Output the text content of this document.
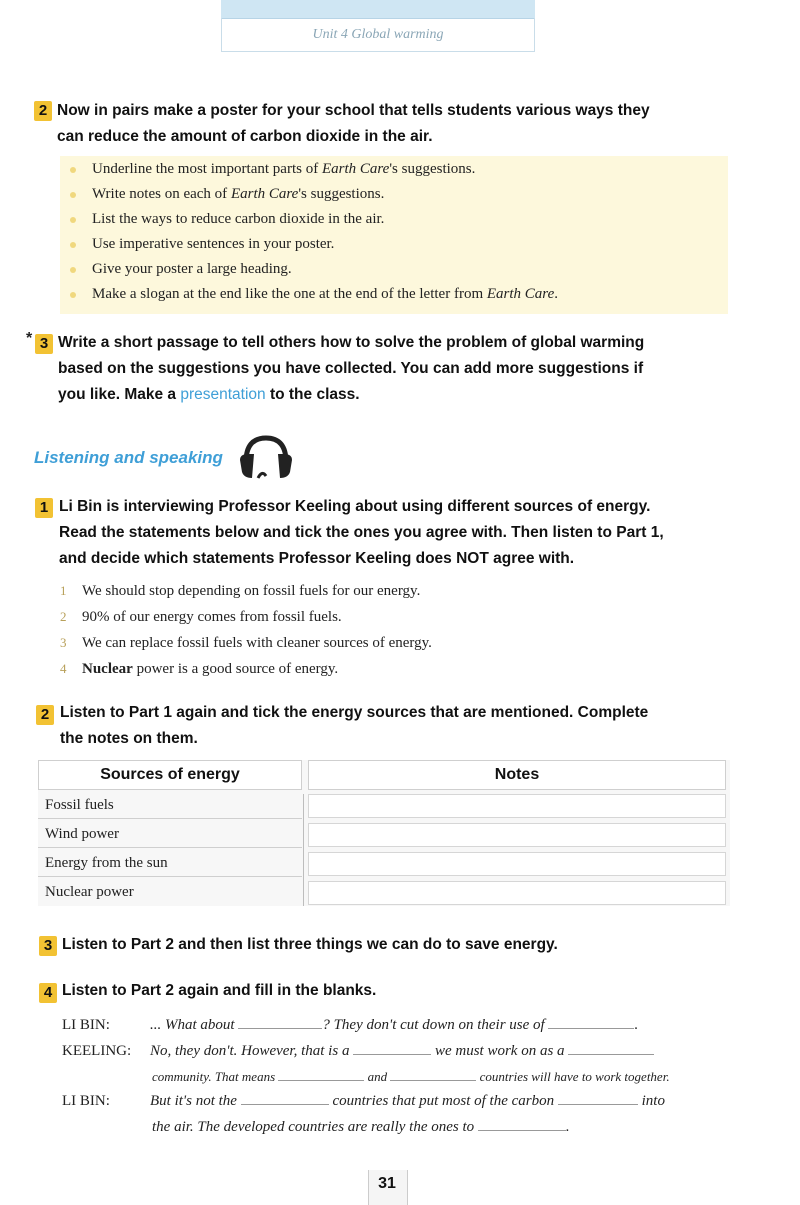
Unit 4 Global warming
2 Now in pairs make a poster for your school that tells students various ways they
can reduce the amount of carbon dioxide in the air.
Underline the most important parts of Earth Care's suggestions.
Write notes on each of Earth Care's suggestions.
List the ways to reduce carbon dioxide in the air.
Use imperative sentences in your poster.
Give your poster a large heading.
Make a slogan at the end like the one at the end of the letter from Earth Care.
* 3 Write a short passage to tell others how to solve the problem of global warming
based on the suggestions you have collected. You can add more suggestions if
you like. Make a presentation to the class.
Listening and speaking
1 Li Bin is interviewing Professor Keeling about using different sources of energy.
Read the statements below and tick the ones you agree with. Then listen to Part 1,
and decide which statements Professor Keeling does NOT agree with.
1 We should stop depending on fossil fuels for our energy.
2 90% of our energy comes from fossil fuels.
3 We can replace fossil fuels with cleaner sources of energy.
4 Nuclear power is a good source of energy.
2 Listen to Part 1 again and tick the energy sources that are mentioned. Complete
the notes on them.
Sources of energy	Notes
Fossil fuels
Wind power
Energy from the sun
Nuclear power
3 Listen to Part 2 and then list three things we can do to save energy.
4 Listen to Part 2 again and fill in the blanks.
LI BIN:	... What about	? They don't cut down on their use of	.
KEELING: No, they don't. However, that is a	we must work on as a
community. That means	and	countries will have to work together.
LI BIN:	But it's not the	countries that put most of the carbon	into
the air. The developed countries are really the ones to	.
31
